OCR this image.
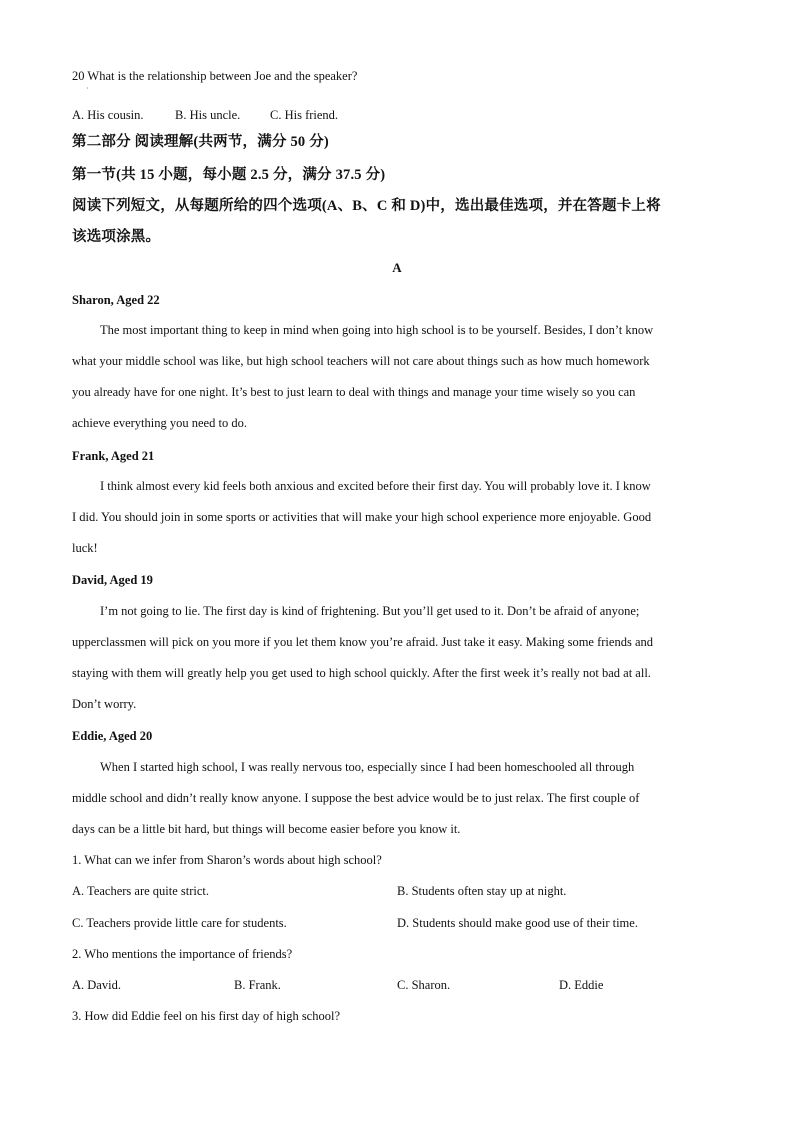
20 What is the relationship between Joe and the speaker?
·
A. His cousin.	B. His uncle. C. His friend.
第二部分 阅读理解(共两节，满分 50 分)
第一节(共 15 小题，每小题 2.5 分，满分 37.5 分)
阅读下列短文，从每题所给的四个选项(A、B、C 和 D)中，选出最佳选项，并在答题卡上将
该选项涂黑。
A
Sharon, Aged 22
The most important thing to keep in mind when going into high school is to be yourself. Besides, I don’t know
what your middle school was like, but high school teachers will not care about things such as how much homework
you already have for one night. It’s best to just learn to deal with things and manage your time wisely so you can
achieve everything you need to do.
Frank, Aged 21
I think almost every kid feels both anxious and excited before their first day. You will probably love it. I know
I did. You should join in some sports or activities that will make your high school experience more enjoyable. Good
luck!
David, Aged 19
I’m not going to lie. The first day is kind of frightening. But you’ll get used to it. Don’t be afraid of anyone;
upperclassmen will pick on you more if you let them know you’re afraid. Just take it easy. Making some friends and
staying with them will greatly help you get used to high school quickly. After the first week it’s really not bad at all.
Don’t worry.
Eddie, Aged 20
When I started high school, I was really nervous too, especially since I had been homeschooled all through
middle school and didn’t really know anyone. I suppose the best advice would be to just relax. The first couple of
days can be a little bit hard, but things will become easier before you know it.
1. What can we infer from Sharon’s words about high school?
A. Teachers are quite strict.	B. Students often stay up at night.
C. Teachers provide little care for students.	D. Students should make good use of their time.
2. Who mentions the importance of friends?
A. David.	B. Frank.	C. Sharon.	D. Eddie
3. How did Eddie feel on his first day of high school?
